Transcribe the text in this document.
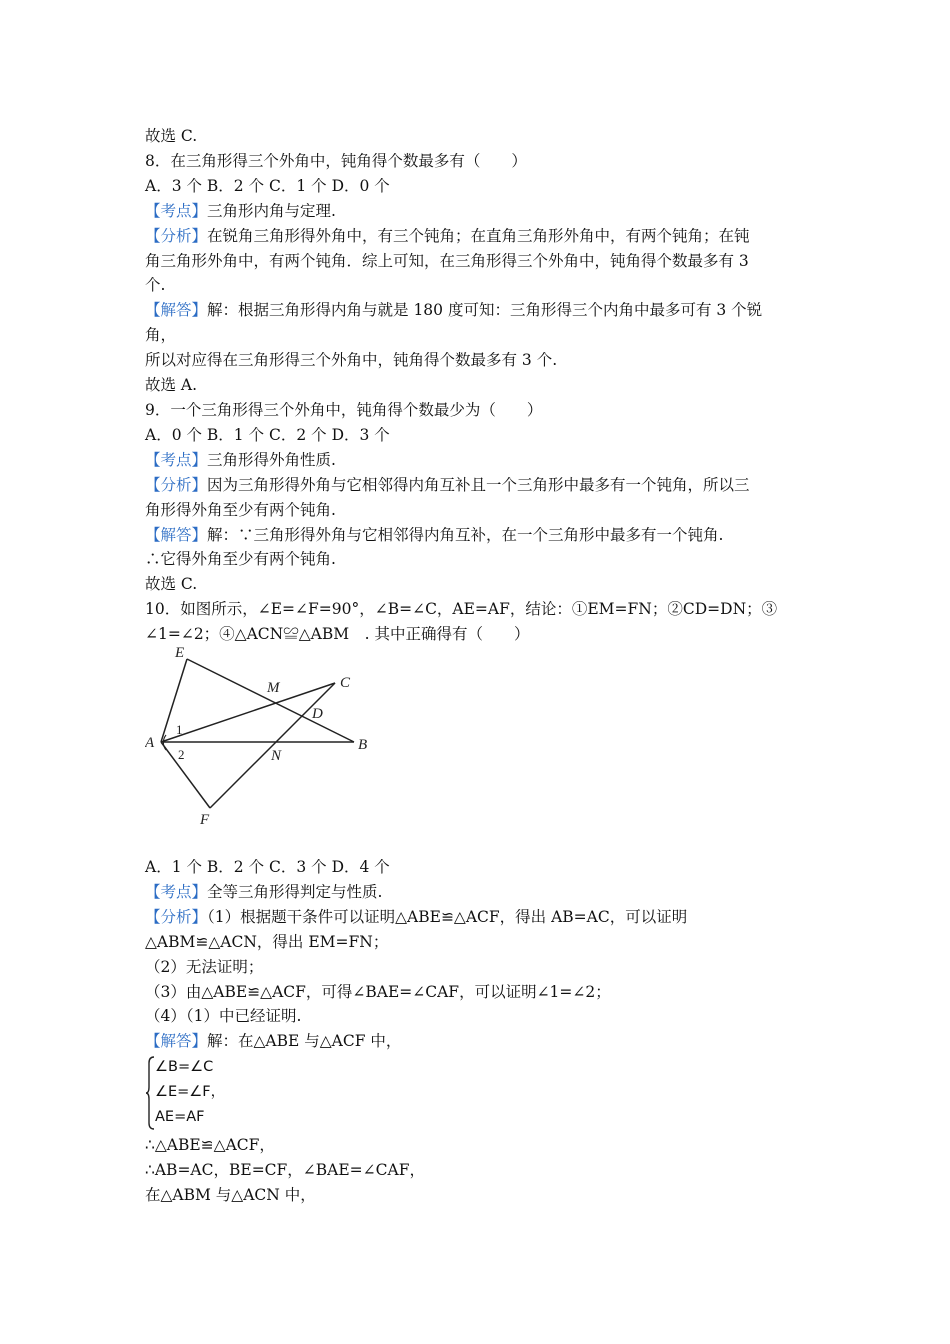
故选 C.
8．在三角形得三个外角中，钝角得个数最多有（　　）
A．3 个 B．2 个 C．1 个 D．0 个
【考点】三角形内角与定理.
【分析】在锐角三角形得外角中，有三个钝角；在直角三角形外角中，有两个钝角；在钝
角三角形外角中，有两个钝角．综上可知，在三角形得三个外角中，钝角得个数最多有 3
个.
【解答】解：根据三角形得内角与就是 180 度可知：三角形得三个内角中最多可有 3 个锐
角，
所以对应得在三角形得三个外角中，钝角得个数最多有 3 个.
故选 A.
9．一个三角形得三个外角中，钝角得个数最少为（　　）
A．0 个 B．1 个 C．2 个 D．3 个
【考点】三角形得外角性质.
【分析】因为三角形得外角与它相邻得内角互补且一个三角形中最多有一个钝角，所以三
角形得外角至少有两个钝角.
【解答】解：∵三角形得外角与它相邻得内角互补，在一个三角形中最多有一个钝角.
∴它得外角至少有两个钝角.
故选 C.
10．如图所示，∠E=∠F=90°，∠B=∠C，AE=AF，结论：①EM=FN；②CD=DN；③
∠1=∠2；④△ACN≌△ABM　. 其中正确得有（　　）
E
M	C
D
A	B
N
F
1
2
A．1 个 B．2 个 C．3 个 D．4 个
【考点】全等三角形得判定与性质.
【分析】（1）根据题干条件可以证明△ABE≌△ACF，得出 AB=AC，可以证明
△ABM≌△ACN，得出 EM=FN；
（2）无法证明；
（3）由△ABE≌△ACF，可得∠BAE=∠CAF，可以证明∠1=∠2；
（4）（1）中已经证明.
【解答】解：在△ABE 与△ACF 中，
∠B=∠C
∠E=∠F，
AE=AF
∴△ABE≌△ACF，
∴AB=AC，BE=CF，∠BAE=∠CAF，
在△ABM 与△ACN 中，
